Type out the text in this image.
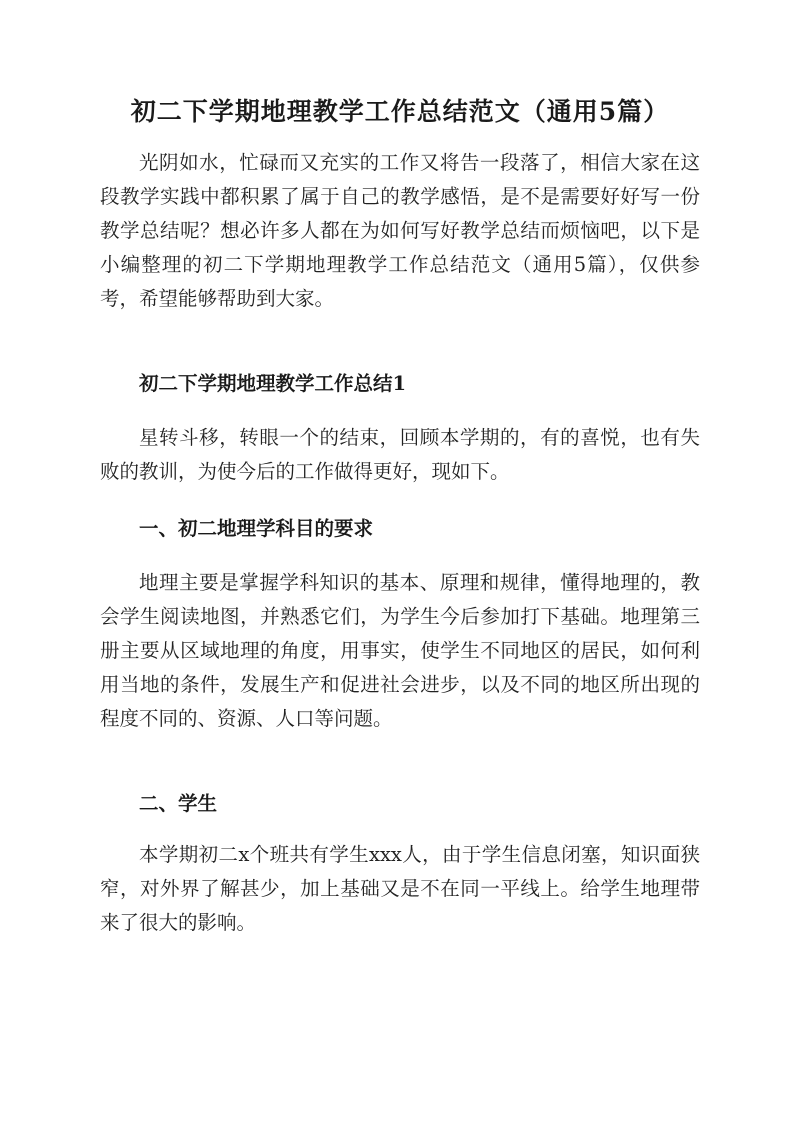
初二下学期地理教学工作总结范文（通用5篇）

光阴如水，忙碌而又充实的工作又将告一段落了，相信大家在这段教学实践中都积累了属于自己的教学感悟，是不是需要好好写一份教学总结呢？想必许多人都在为如何写好教学总结而烦恼吧，以下是小编整理的初二下学期地理教学工作总结范文（通用5篇），仅供参考，希望能够帮助到大家。

初二下学期地理教学工作总结1

星转斗移，转眼一个的结束，回顾本学期的，有的喜悦，也有失败的教训，为使今后的工作做得更好，现如下。

一、初二地理学科目的要求

地理主要是掌握学科知识的基本、原理和规律，懂得地理的，教会学生阅读地图，并熟悉它们，为学生今后参加打下基础。地理第三册主要从区域地理的角度，用事实，使学生不同地区的居民，如何利用当地的条件，发展生产和促进社会进步，以及不同的地区所出现的程度不同的、资源、人口等问题。

二、学生

本学期初二x个班共有学生xxx人，由于学生信息闭塞，知识面狭窄，对外界了解甚少，加上基础又是不在同一平线上。给学生地理带来了很大的影响。
